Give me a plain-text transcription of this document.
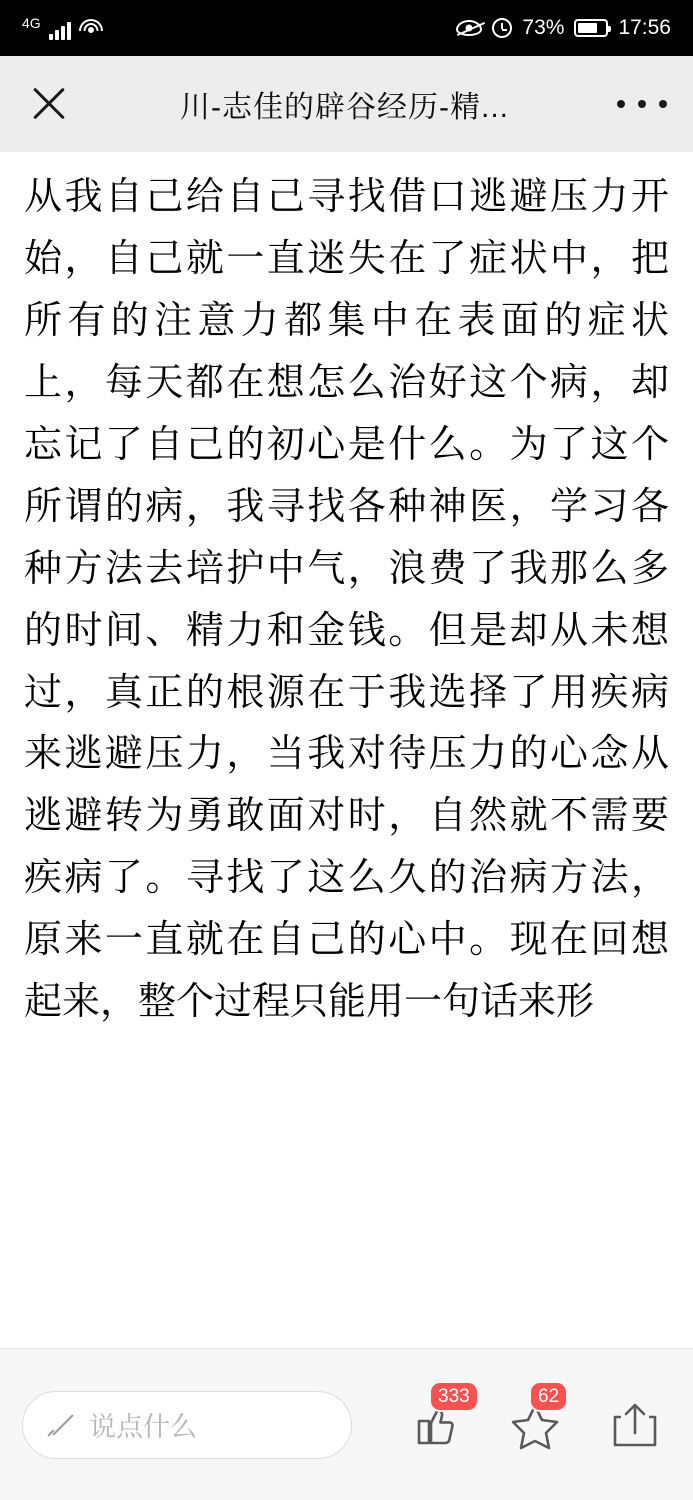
4G	73%	17:56
川-志佳的辟谷经历-精...

从我自己给自己寻找借口逃避压力开始，自己就一直迷失在了症状中，把所有的注意力都集中在表面的症状上，每天都在想怎么治好这个病，却忘记了自己的初心是什么。为了这个所谓的病，我寻找各种神医，学习各种方法去培护中气，浪费了我那么多的时间、精力和金钱。但是却从未想过，真正的根源在于我选择了用疾病来逃避压力，当我对待压力的心念从逃避转为勇敢面对时，自然就不需要疾病了。寻找了这么久的治病方法，原来一直就在自己的心中。现在回想起来，整个过程只能用一句话来形

说点什么
333	62
